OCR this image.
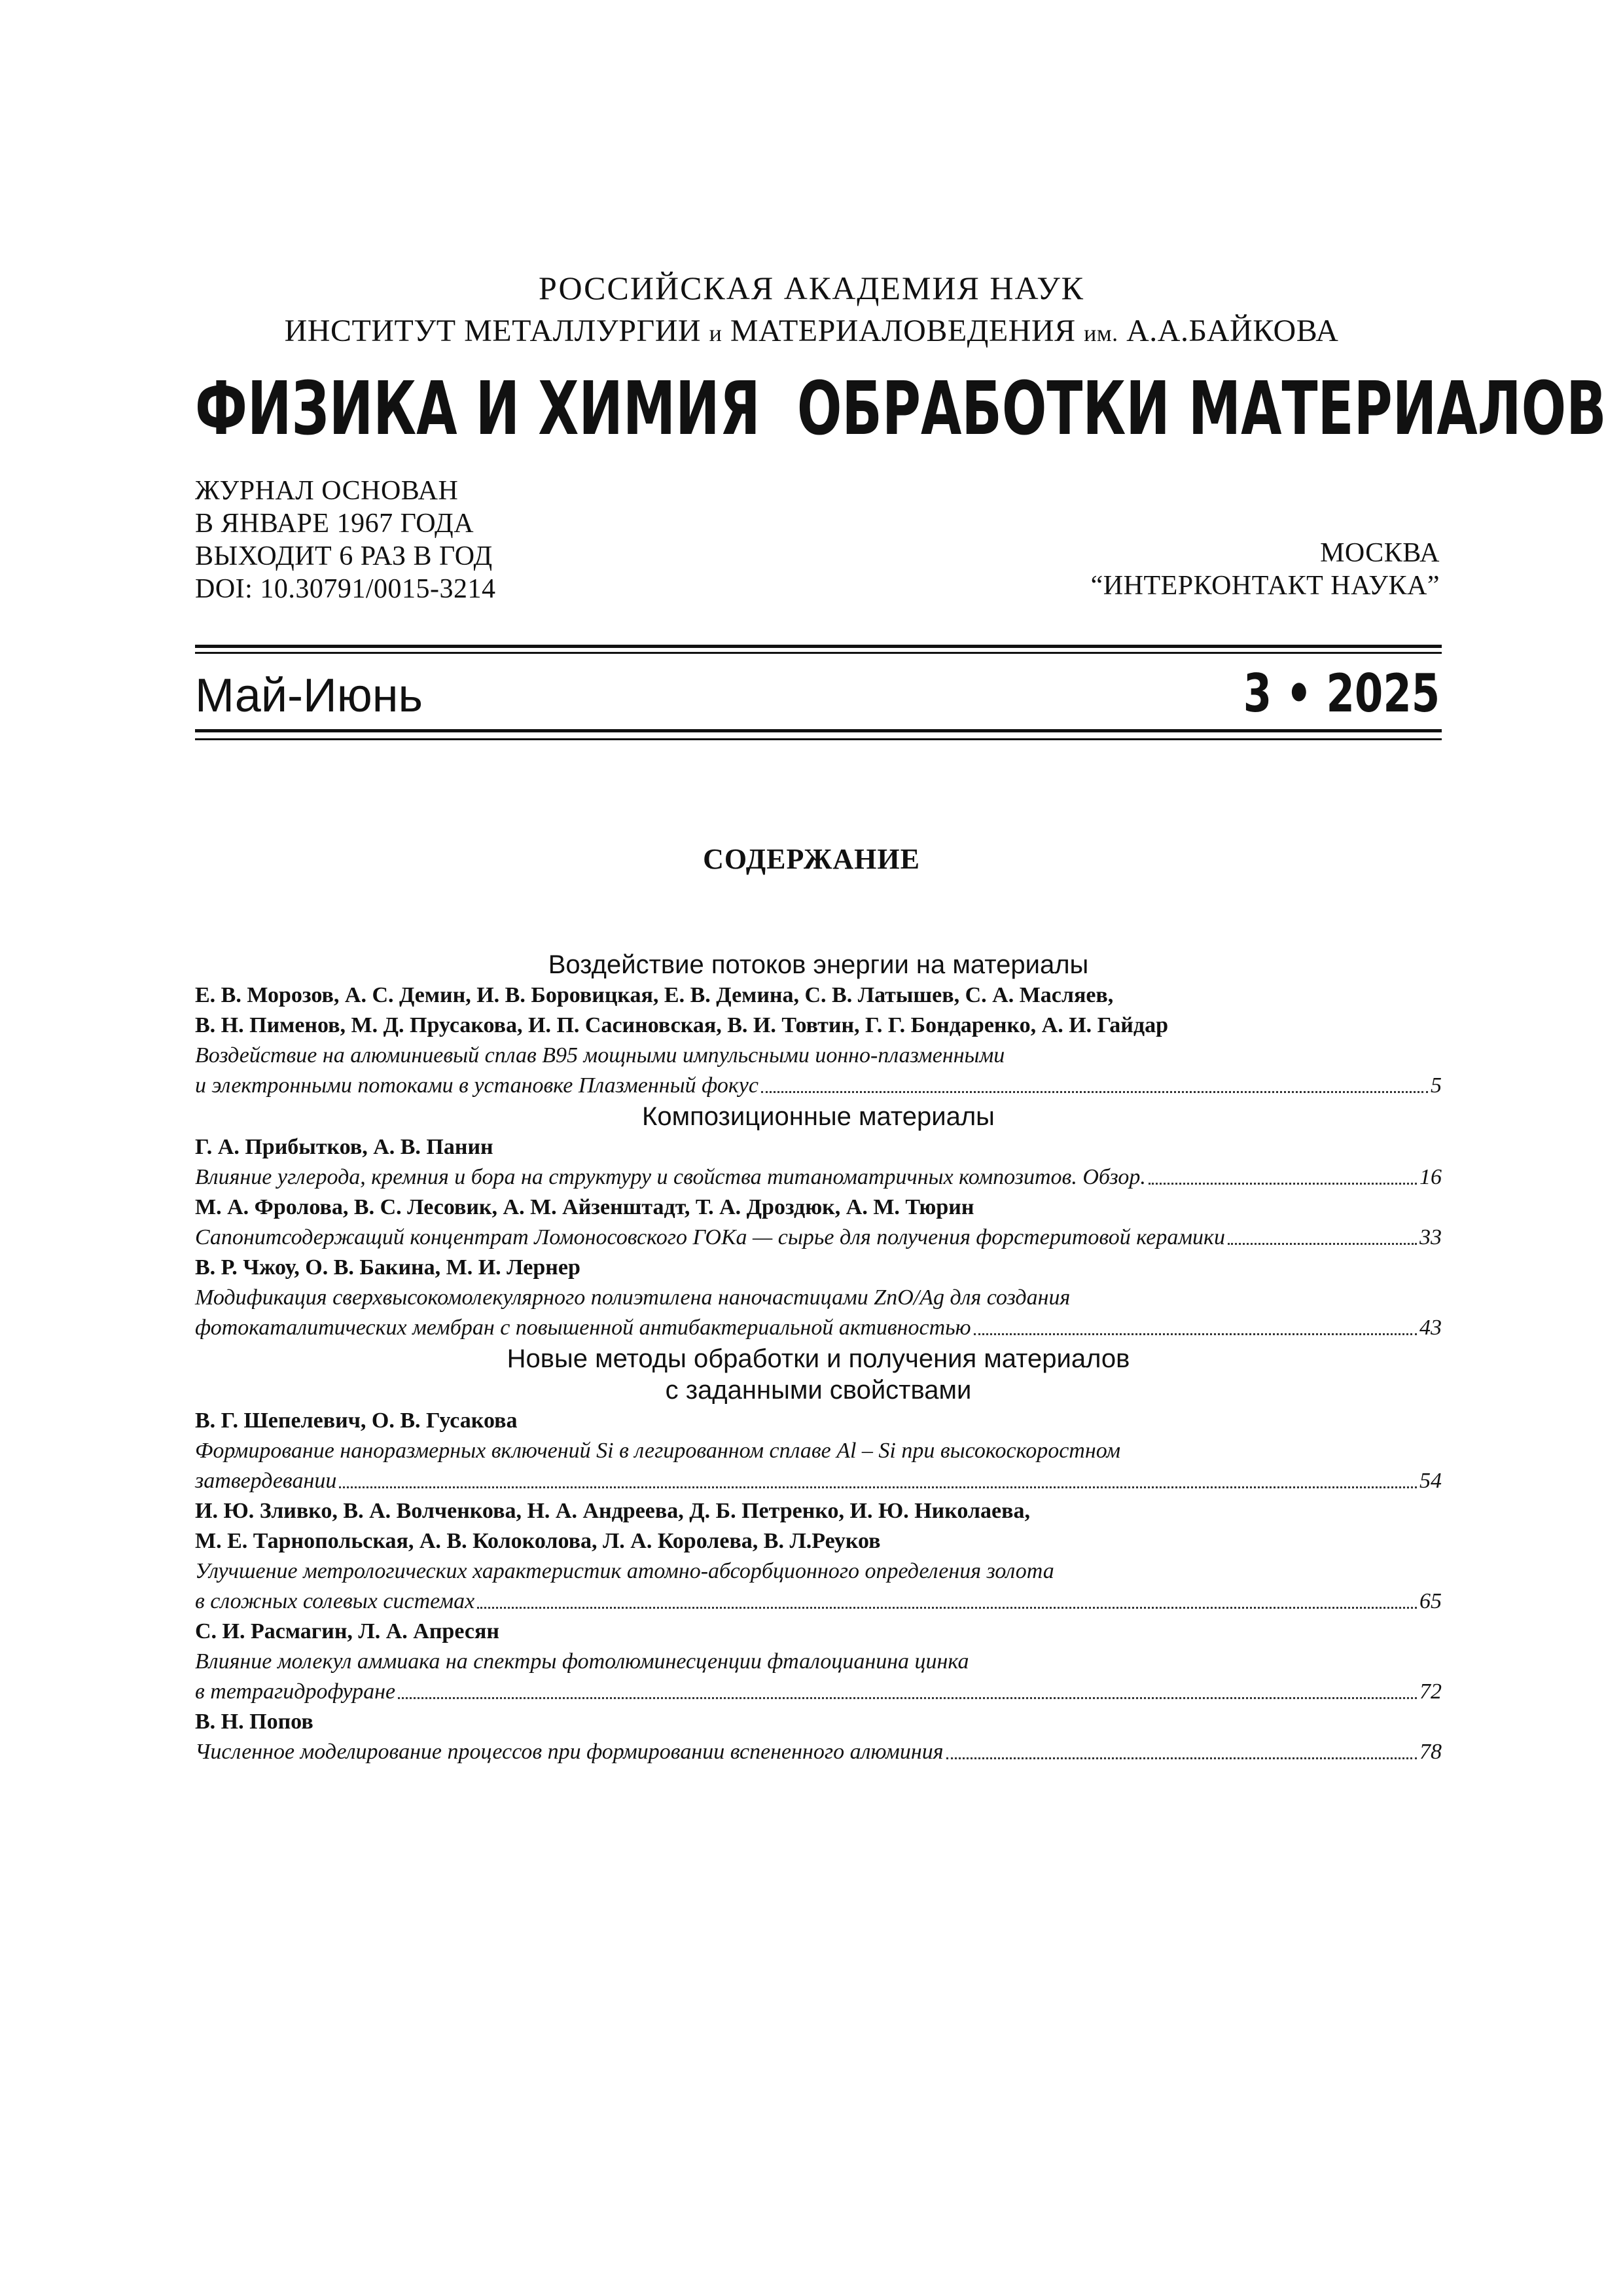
РОССИЙСКАЯ АКАДЕМИЯ НАУК
ИНСТИТУТ МЕТАЛЛУРГИИ и МАТЕРИАЛОВЕДЕНИЯ им. А.А.БАЙКОВА
ФИЗИКА И ХИМИЯ  ОБРАБОТКИ МАТЕРИАЛОВ
ЖУРНАЛ ОСНОВАН
В ЯНВАРЕ 1967 ГОДА
ВЫХОДИТ 6 РАЗ В ГОД
DOI: 10.30791/0015-3214
МОСКВА
“ИНТЕРКОНТАКТ НАУКА”
Май-Июнь	3 • 2025
СОДЕРЖАНИЕ
Воздействие потоков энергии на материалы
Е. В. Морозов, А. С. Демин, И. В. Боровицкая, Е. В. Демина, С. В. Латышев, С. А. Масляев,
В. Н. Пименов, М. Д. Прусакова, И. П. Сасиновская, В. И. Товтин, Г. Г. Бондаренко, А. И. Гайдар
Воздействие на алюминиевый сплав В95 мощными импульсными ионно-плазменными
и электронными потоками в установке Плазменный фокус	5
Композиционные материалы
Г. А. Прибытков, А. В. Панин
Влияние углерода, кремния и бора на структуру и свойства титаноматричных композитов. Обзор.	16
М. А. Фролова, В. С. Лесовик, А. М. Айзенштадт, Т. А. Дроздюк, А. М. Тюрин
Сапонитсодержащий концентрат Ломоносовского ГОКа — сырье для получения форстеритовой керамики	33
В. Р. Чжоу, О. В. Бакина, М. И. Лернер
Модификация сверхвысокомолекулярного полиэтилена наночастицами ZnO/Ag для создания
фотокаталитических мембран с повышенной антибактериальной активностью	43
Новые методы обработки и получения материалов
с заданными свойствами
В. Г. Шепелевич, О. В. Гусакова
Формирование наноразмерных включений Si в легированном сплаве Al – Si при высокоскоростном
затвердевании	54
И. Ю. Зливко, В. А. Волченкова, Н. А. Андреева, Д. Б. Петренко, И. Ю. Николаева,
М. Е. Тарнопольская, А. В. Колоколова, Л. А. Королева, В. Л.Реуков
Улучшение метрологических характеристик атомно-абсорбционного определения золота
в сложных солевых системах	65
С. И. Расмагин, Л. А. Апресян
Влияние молекул аммиака на спектры фотолюминесценции фталоцианина цинка
в тетрагидрофуране	72
В. Н. Попов
Численное моделирование процессов при формировании вспененного алюминия	78
